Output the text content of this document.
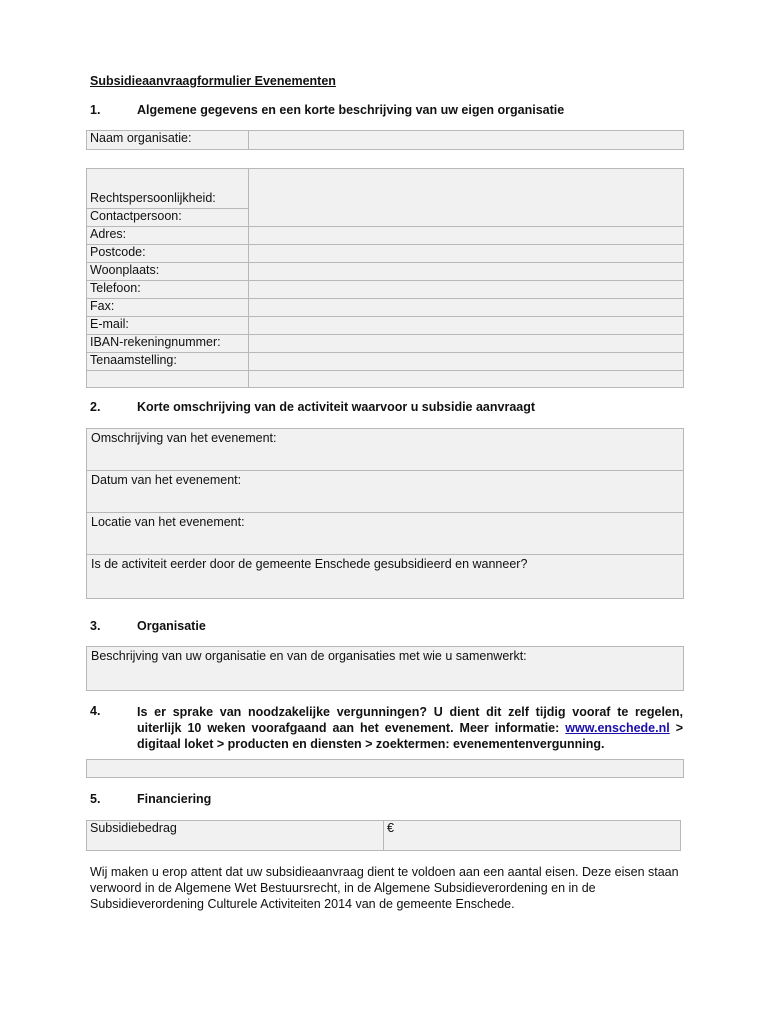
Subsidieaanvraagformulier Evenementen
1.	Algemene gegevens en een korte beschrijving van uw eigen organisatie
Naam organisatie:	
Rechtspersoonlijkheid:	
Contactpersoon:	
Adres:	
Postcode:	
Woonplaats:	
Telefoon:	
Fax:	
E-mail:	
IBAN-rekeningnummer:	
Tenaamstelling:	

2.	Korte omschrijving van de activiteit waarvoor u subsidie aanvraagt
Omschrijving van het evenement:
Datum van het evenement:
Locatie van het evenement:
Is de activiteit eerder door de gemeente Enschede gesubsidieerd en wanneer?
3.	Organisatie
Beschrijving van uw organisatie en van de organisaties met wie u samenwerkt:
4.	Is er sprake van noodzakelijke vergunningen? U dient dit zelf tijdig vooraf te regelen, uiterlijk 10 weken voorafgaand aan het evenement. Meer informatie: www.enschede.nl > digitaal loket > producten en diensten > zoektermen: evenementenvergunning.
5.	Financiering
Subsidiebedrag	€
Wij maken u erop attent dat uw subsidieaanvraag dient te voldoen aan een aantal eisen. Deze eisen staan verwoord in de Algemene Wet Bestuursrecht, in de Algemene Subsidieverordening en in de Subsidieverordening Culturele Activiteiten 2014 van de gemeente Enschede.
